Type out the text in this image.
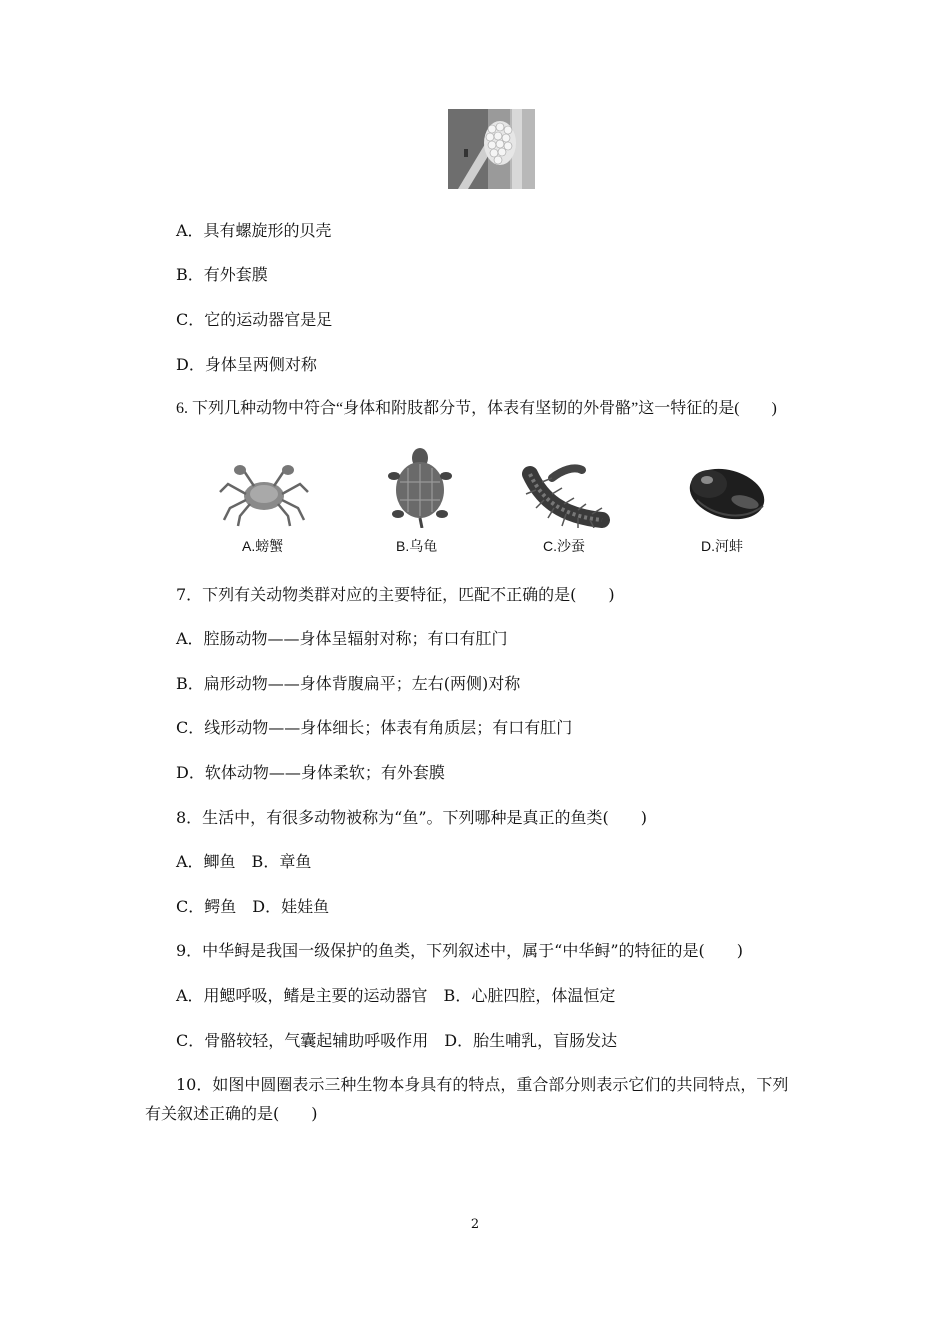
A．具有螺旋形的贝壳
B．有外套膜
C．它的运动器官是足
D．身体呈两侧对称
6. 下列几种动物中符合“身体和附肢都分节，体表有坚韧的外骨骼”这一特征的是(　　)
A.螃蟹	B.乌龟	C.沙蚕	D.河蚌
7．下列有关动物类群对应的主要特征，匹配不正确的是(　　)
A．腔肠动物——身体呈辐射对称；有口有肛门
B．扁形动物——身体背腹扁平；左右(两侧)对称
C．线形动物——身体细长；体表有角质层；有口有肛门
D．软体动物——身体柔软；有外套膜
8．生活中，有很多动物被称为“鱼”。下列哪种是真正的鱼类(　　)
A．鲫鱼　B．章鱼
C．鳄鱼　D．娃娃鱼
9．中华鲟是我国一级保护的鱼类，下列叙述中，属于“中华鲟”的特征的是(　　)
A．用鳃呼吸，鳍是主要的运动器官　B．心脏四腔，体温恒定
C．骨骼较轻，气囊起辅助呼吸作用　D．胎生哺乳，盲肠发达
10．如图中圆圈表示三种生物本身具有的特点，重合部分则表示它们的共同特点，下列
有关叙述正确的是(　　)
2
